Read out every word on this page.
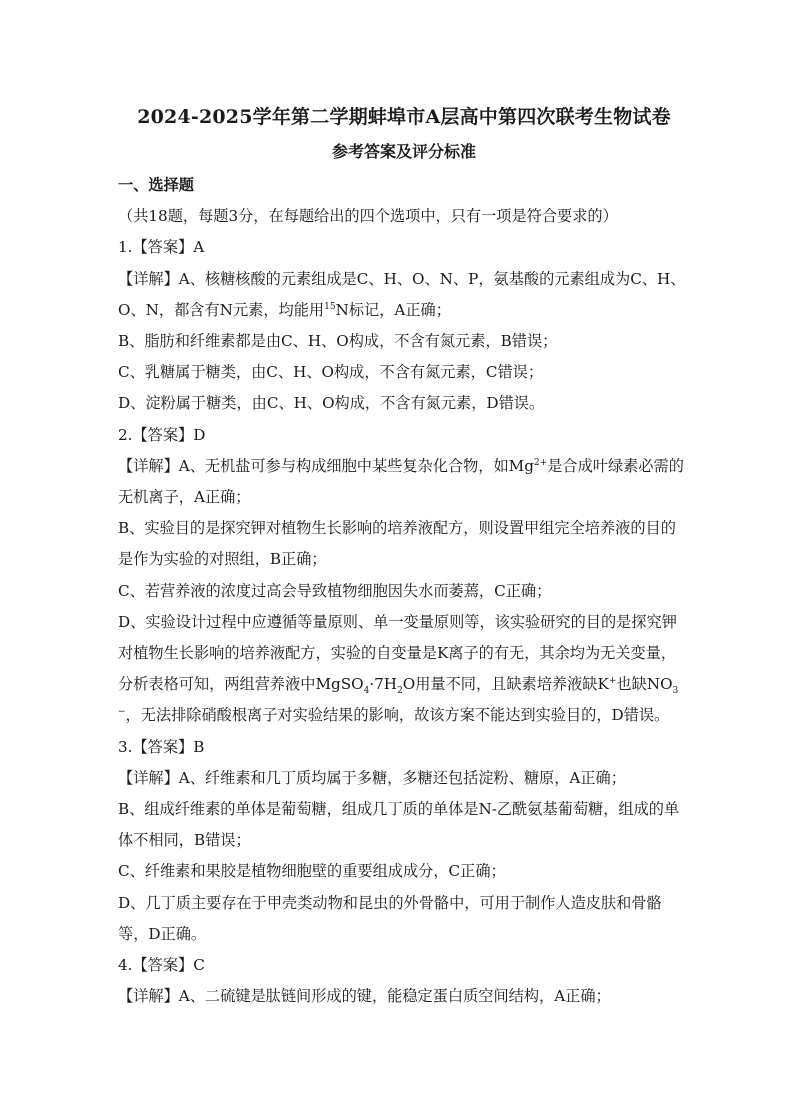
2024-2025学年第二学期蚌埠市A层高中第四次联考生物试卷
参考答案及评分标准

一、选择题（共18题，每题3分，在每题给出的四个选项中，只有一项是符合要求的）

1.【答案】A

【详解】A、核糖核酸的元素组成是C、H、O、N、P，氨基酸的元素组成为C、H、O、N，都含有N元素，均能用$^{15}$N标记，A正确；

B、脂肪和纤维素都是由C、H、O构成，不含有氮元素，B错误；

C、乳糖属于糖类，由C、H、O构成，不含有氮元素，C错误；

D、淀粉属于糖类，由C、H、O构成，不含有氮元素，D错误。

2.【答案】D

【详解】A、无机盐可参与构成细胞中某些复杂化合物，如$Mg^{2+}$是合成叶绿素必需的无机离子，A正确；

B、实验目的是探究钾对植物生长影响的培养液配方，则设置甲组完全培养液的目的是作为实验的对照组，B正确；

C、若营养液的浓度过高会导致植物细胞因失水而萎蔫，C正确；

D、实验设计过程中应遵循等量原则、单一变量原则等，该实验研究的目的是探究钾对植物生长影响的培养液配方，实验的自变量是K离子的有无，其余均为无关变量，分析表格可知，两组营养液中$MgSO_4\cdot 7H_2O$用量不同，且缺素培养液缺K+也缺$NO_3^-$，无法排除硝酸根离子对实验结果的影响，故该方案不能达到实验目的，D错误。

3.【答案】B

【详解】A、纤维素和几丁质均属于多糖，多糖还包括淀粉、糖原，A正确；

B、组成纤维素的单体是葡萄糖，组成几丁质的单体是N-乙酰氨基葡萄糖，组成的单体不相同，B错误；

C、纤维素和果胶是植物细胞壁的重要组成成分，C正确；

D、几丁质主要存在于甲壳类动物和昆虫的外骨骼中，可用于制作人造皮肤和骨骼等，D正确。

4.【答案】C

【详解】A、二硫键是肽链间形成的键，能稳定蛋白质空间结构，A正确；
